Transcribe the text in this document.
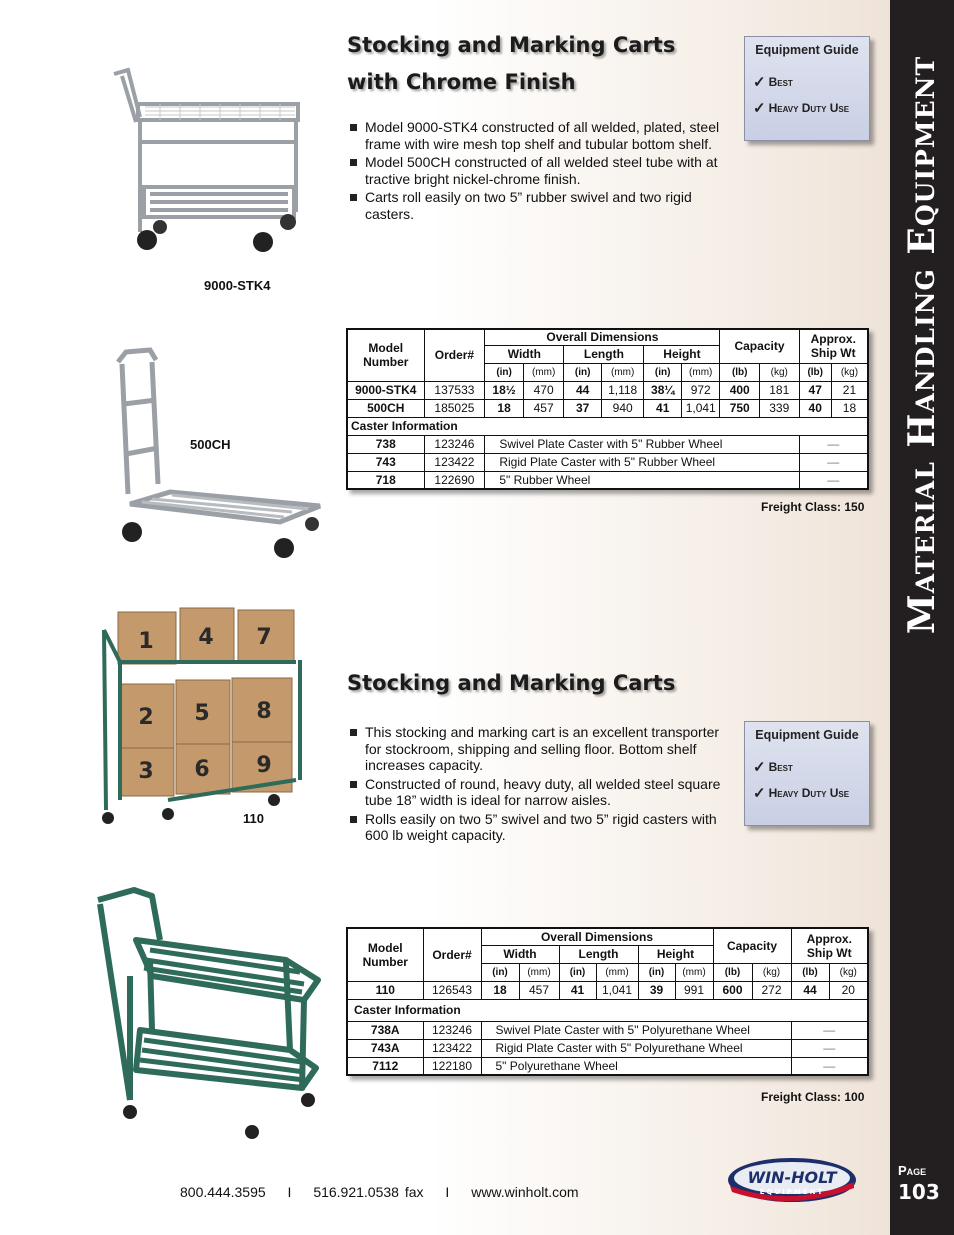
Material Handling Equipment
Page
103
9000-STK4
500CH
Stocking and Marking Carts
with Chrome Finish
Model 9000-STK4 constructed of all welded, plated, steel frame with wire mesh top shelf and tubular bottom shelf.
Model 500CH constructed of all welded steel tube with at tractive bright nickel-chrome finish.
Carts roll easily on two 5” rubber swivel and two rigid casters.
Equipment Guide
✓ Best
✓ Heavy Duty Use
Model Number	Order#	Overall Dimensions						Capacity		Approx. Ship Wt	
		Width		Length		Height					
		(in)	(mm)	(in)	(mm)	(in)	(mm)	(lb)	(kg)	(lb)	(kg)
9000-STK4	137533	18½	470	44	1,118	38¼	972	400	181	47	21
500CH	185025	18	457	37	940	41	1,041	750	339	40	18
Caster Information											
738	123246	Swivel Plate Caster with 5" Rubber Wheel								—	
743	123422	Rigid Plate Caster with 5" Rubber Wheel								—	
718	122690	5" Rubber Wheel								—	
Freight Class: 150
1 4 7
2 5 8
3 6 9
110
Stocking and Marking Carts
This stocking and marking cart is an excellent transporter for stockroom, shipping and selling floor. Bottom shelf increases capacity.
Constructed of round, heavy duty, all welded steel square tube 18” width is ideal for narrow aisles.
Rolls easily on two 5” swivel and two 5” rigid casters with 600 lb weight capacity.
Equipment Guide
✓ Best
✓ Heavy Duty Use
Model Number	Order#	Overall Dimensions						Capacity		Approx. Ship Wt	
		Width		Length		Height					
		(in)	(mm)	(in)	(mm)	(in)	(mm)	(lb)	(kg)	(lb)	(kg)
110	126543	18	457	41	1,041	39	991	600	272	44	20
Caster Information											
738A	123246	Swivel Plate Caster with 5" Polyurethane Wheel								—	
743A	123422	Rigid Plate Caster with 5" Polyurethane Wheel								—	
7112	122180	5" Polyurethane Wheel								—	
Freight Class: 100
800.444.3595 I 516.921.0538 fax I www.winholt.com
WIN-HOLT
EQUIPMENT
